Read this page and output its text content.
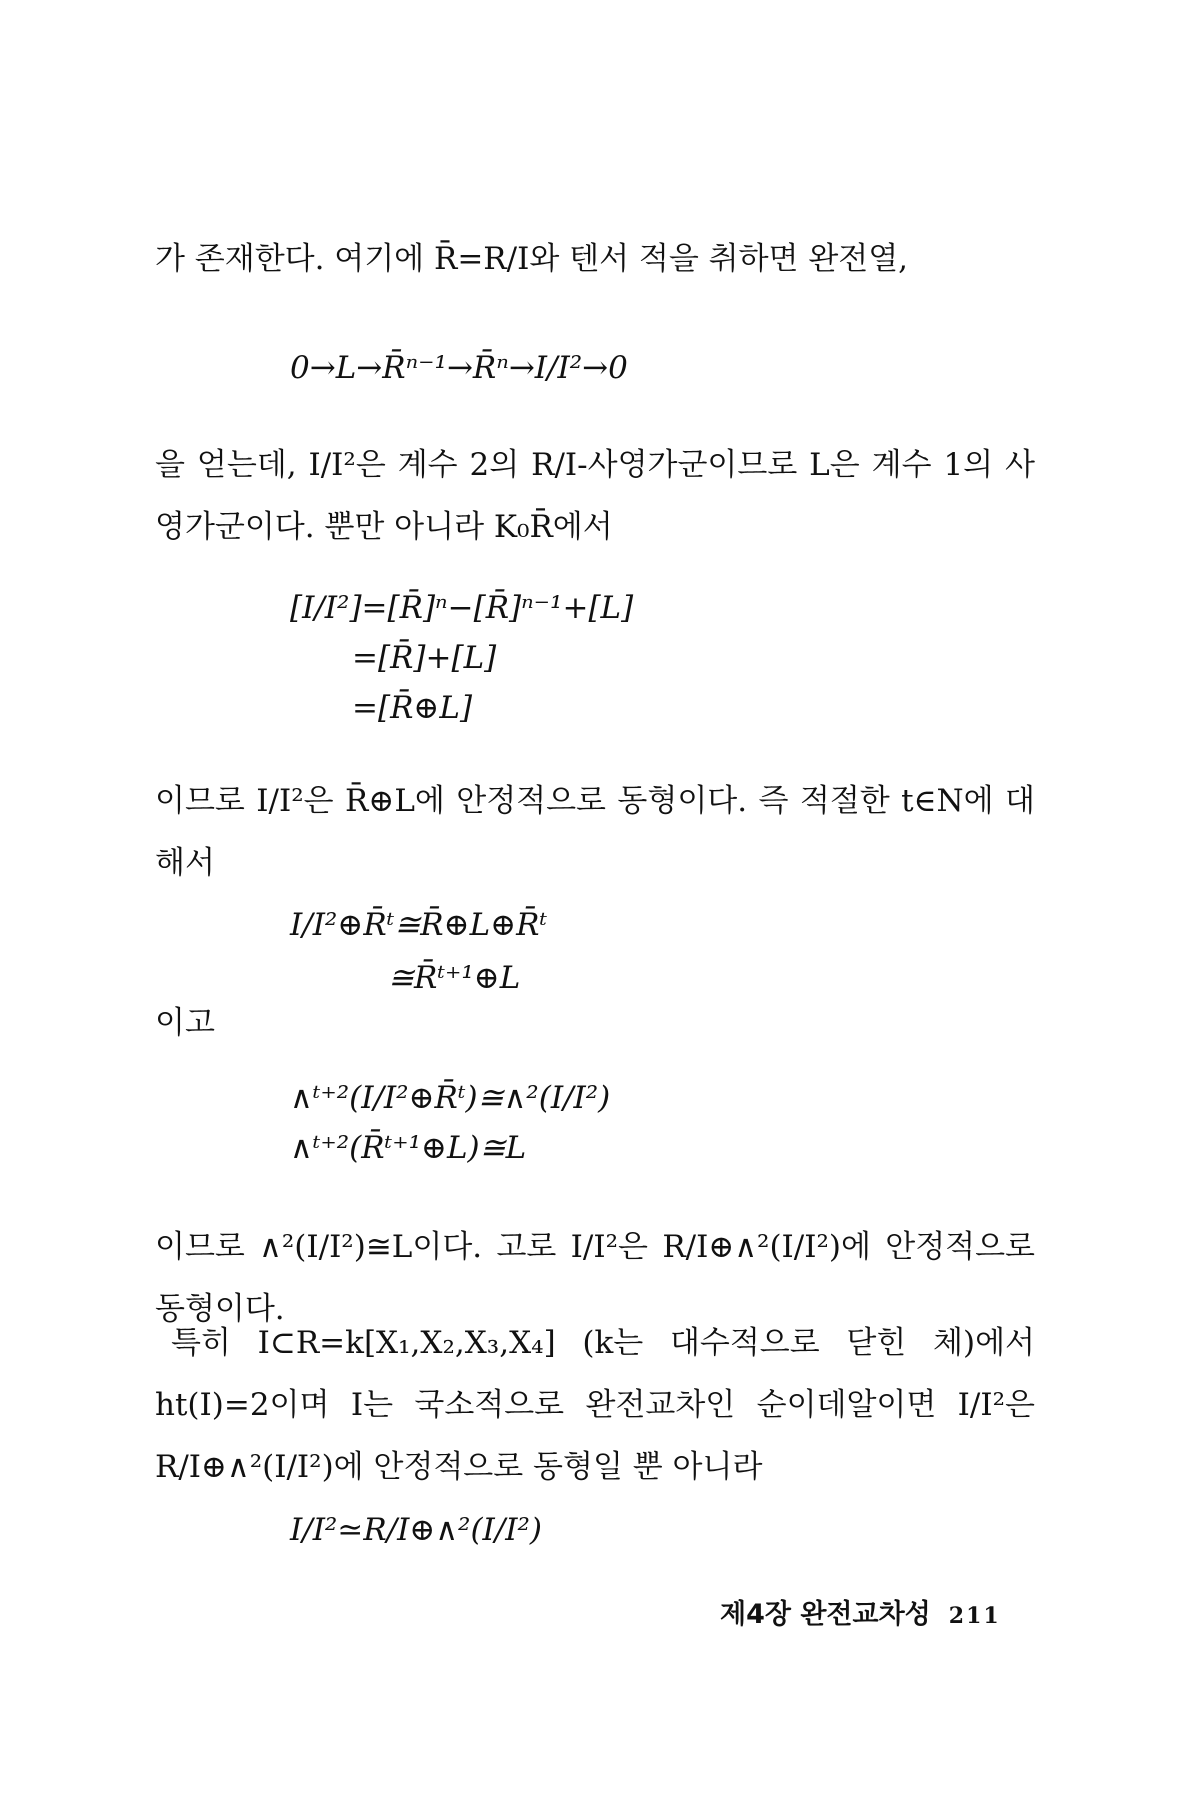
가 존재한다. 여기에 R̄=R/I와 텐서 적을 취하면 완전열,

0→L→R̄ⁿ⁻¹→R̄ⁿ→I/I²→0

을 얻는데, I/I²은 계수 2의 R/I-사영가군이므로 L은 계수 1의 사영가군이다. 뿐만 아니라 K₀R̄에서

[I/I²]=[R̄]ⁿ−[R̄]ⁿ⁻¹+[L]
=[R̄]+[L]
=[R̄⊕L]

이므로 I/I²은 R̄⊕L에 안정적으로 동형이다. 즉 적절한 t∈N에 대해서

I/I²⊕R̄ᵗ≅R̄⊕L⊕R̄ᵗ
≅R̄ᵗ⁺¹⊕L

이고

∧ᵗ⁺²(I/I²⊕R̄ᵗ)≅∧²(I/I²)
∧ᵗ⁺²(R̄ᵗ⁺¹⊕L)≅L

이므로 ∧²(I/I²)≅L이다. 고로 I/I²은 R/I⊕∧²(I/I²)에 안정적으로 동형이다.

특히 I⊂R=k[X₁,X₂,X₃,X₄] (k는 대수적으로 닫힌 체)에서 ht(I)=2이며 I는 국소적으로 완전교차인 순이데알이면 I/I²은 R/I⊕∧²(I/I²)에 안정적으로 동형일 뿐 아니라

I/I²≃R/I⊕∧²(I/I²)
제4장 완전교차성 211
